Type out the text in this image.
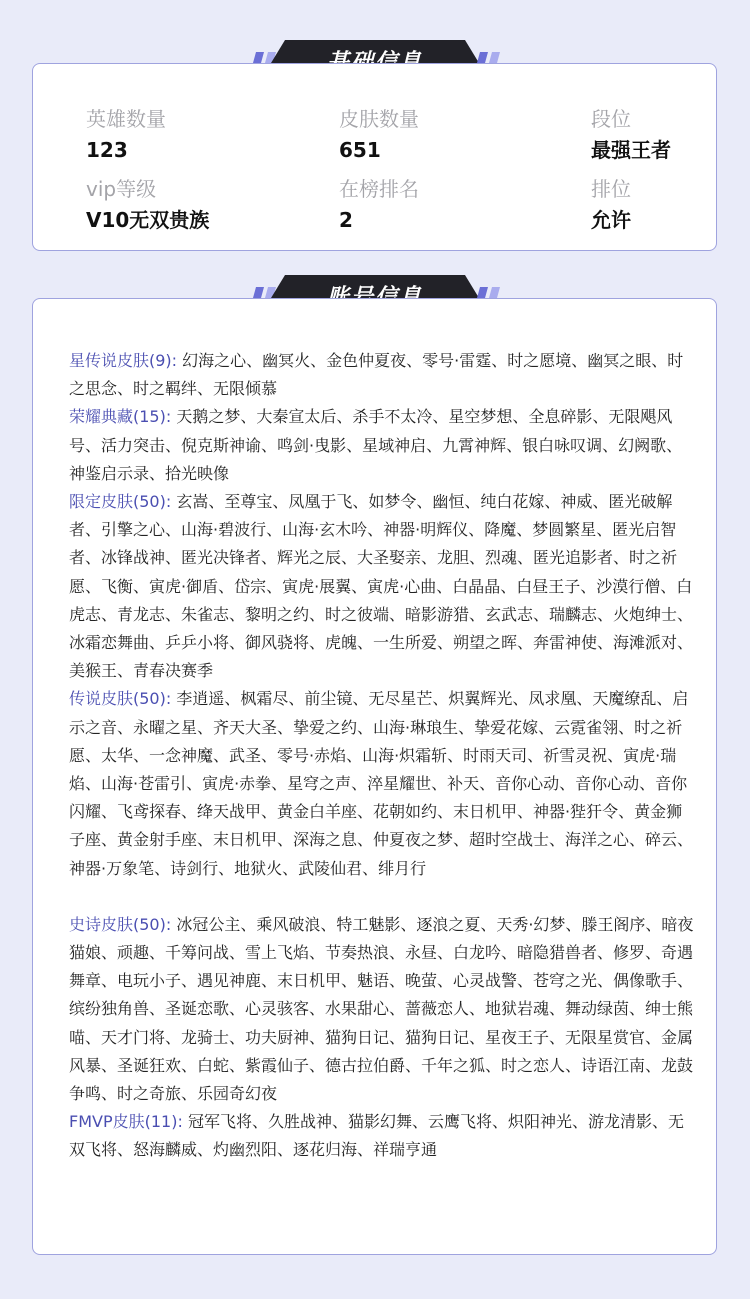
英雄数量
123
皮肤数量
651
段位
最强王者
vip等级
V10无双贵族
在榜排名
2
排位
允许

星传说皮肤(9): 幻海之心、幽冥火、金色仲夏夜、零号·雷霆、时之愿境、幽冥之眼、时之思念、时之羁绊、无限倾慕

荣耀典藏(15): 天鹅之梦、大秦宣太后、杀手不太冷、星空梦想、全息碎影、无限飓风号、活力突击、倪克斯神谕、鸣剑·曳影、星域神启、九霄神辉、银白咏叹调、幻阙歌、神鉴启示录、拾光映像

限定皮肤(50): 玄嵩、至尊宝、凤凰于飞、如梦令、幽恒、纯白花嫁、神威、匿光破解者、引擎之心、山海·碧波行、山海·玄木吟、神器·明辉仪、降魔、梦圆繁星、匿光启智者、冰锋战神、匿光决锋者、辉光之辰、大圣娶亲、龙胆、烈魂、匿光追影者、时之祈愿、飞衡、寅虎·御盾、岱宗、寅虎·展翼、寅虎·心曲、白晶晶、白昼王子、沙漠行僧、白虎志、青龙志、朱雀志、黎明之约、时之彼端、暗影游猎、玄武志、瑞麟志、火炮绅士、冰霜恋舞曲、乒乒小将、御风骁将、虎魄、一生所爱、朔望之晖、奔雷神使、海滩派对、美猴王、青春决赛季

传说皮肤(50): 李逍遥、枫霜尽、前尘镜、无尽星芒、炽翼辉光、凤求凰、天魔缭乱、启示之音、永曜之星、齐天大圣、挚爱之约、山海·琳琅生、挚爱花嫁、云霓雀翎、时之祈愿、太华、一念神魔、武圣、零号·赤焰、山海·炽霜斩、时雨天司、祈雪灵祝、寅虎·瑞焰、山海·苍雷引、寅虎·赤拳、星穹之声、淬星耀世、补天、音你心动、音你心动、音你闪耀、飞鸢探春、绛天战甲、黄金白羊座、花朝如约、末日机甲、神器·狴犴令、黄金狮子座、黄金射手座、末日机甲、深海之息、仲夏夜之梦、超时空战士、海洋之心、碎云、神器·万象笔、诗剑行、地狱火、武陵仙君、绯月行

史诗皮肤(50): 冰冠公主、乘风破浪、特工魅影、逐浪之夏、天秀·幻梦、滕王阁序、暗夜猫娘、顽趣、千筹问战、雪上飞焰、节奏热浪、永昼、白龙吟、暗隐猎兽者、修罗、奇遇舞章、电玩小子、遇见神鹿、末日机甲、魅语、晚萤、心灵战警、苍穹之光、偶像歌手、缤纷独角兽、圣诞恋歌、心灵骇客、水果甜心、蔷薇恋人、地狱岩魂、舞动绿茵、绅士熊喵、天才门将、龙骑士、功夫厨神、猫狗日记、猫狗日记、星夜王子、无限星赏官、金属风暴、圣诞狂欢、白蛇、紫霞仙子、德古拉伯爵、千年之狐、时之恋人、诗语江南、龙鼓争鸣、时之奇旅、乐园奇幻夜

FMVP皮肤(11): 冠军飞将、久胜战神、猫影幻舞、云鹰飞将、炽阳神光、游龙清影、无双飞将、怒海麟威、灼幽烈阳、逐花归海、祥瑞亨通
